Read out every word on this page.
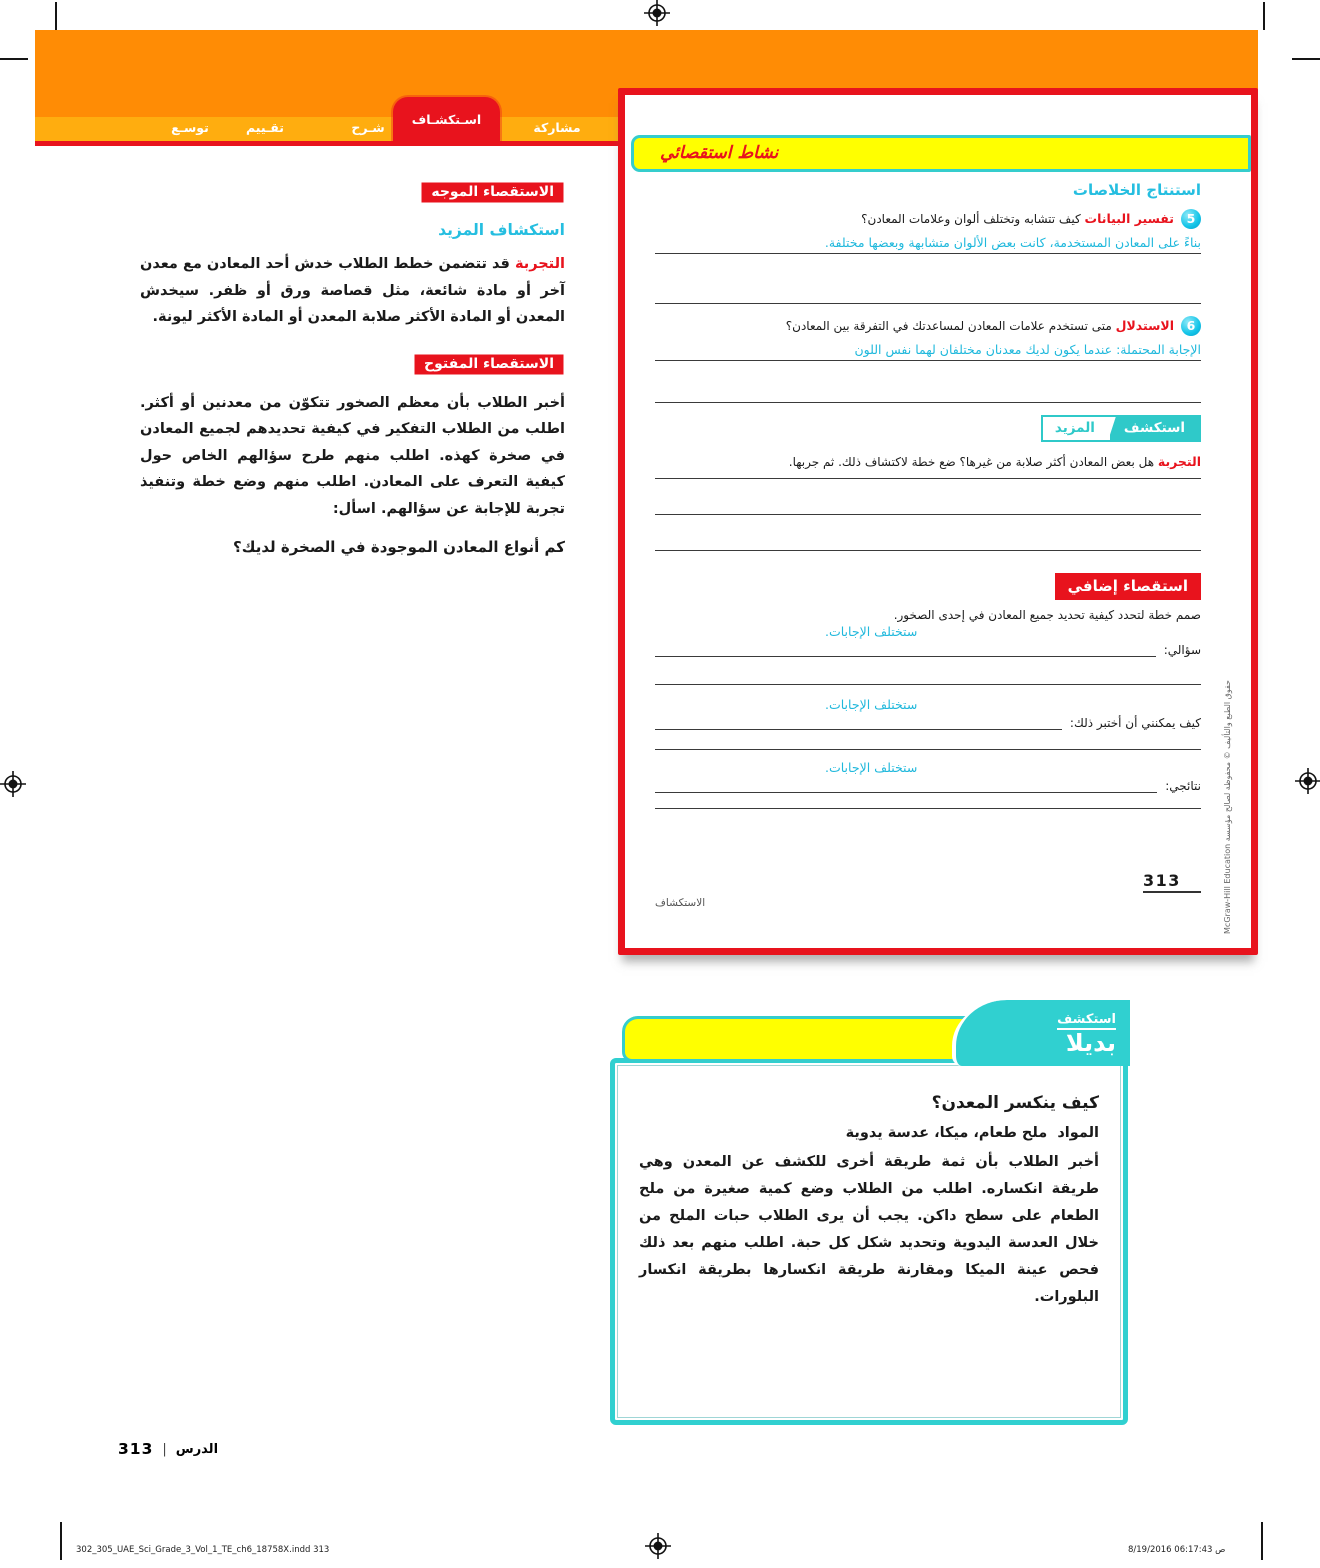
توسـع	تقـييم	شـرح
اسـتكشـاف
مشاركة
الاستقصاء الموجه
استكشاف المزيد

التجربة قد تتضمن خطط الطلاب خدش أحد المعادن مع معدن آخر أو مادة شائعة، مثل قصاصة ورق أو ظفر. سيخدش المعدن أو المادة الأكثر صلابة المعدن أو المادة الأكثر ليونة.

الاستقصاء المفتوح

أخبر الطلاب بأن معظم الصخور تتكوّن من معدنين أو أكثر. اطلب من الطلاب التفكير في كيفية تحديدهم لجميع المعادن في صخرة كهذه. اطلب منهم طرح سؤالهم الخاص حول كيفية التعرف على المعادن. اطلب منهم وضع خطة وتنفيذ تجربة للإجابة عن سؤالهم. اسأل:

كم أنواع المعادن الموجودة في الصخرة لديك؟

نشاط استقصائي
استنتاج الخلاصات
5
تفسير البيانات كيف تتشابه وتختلف ألوان وعلامات المعادن؟
بناءً على المعادن المستخدمة، كانت بعض الألوان متشابهة وبعضها مختلفة.
6
الاستدلال متى تستخدم علامات المعادن لمساعدتك في التفرقة بين المعادن؟
الإجابة المحتملة: عندما يكون لديك معدنان مختلفان لهما نفس اللون
استكشف
المزيد

التجربة هل بعض المعادن أكثر صلابة من غيرها؟ ضع خطة لاكتشاف ذلك. ثم جربها.

استقصاء إضافي

صمم خطة لتحدد كيفية تحديد جميع المعادن في إحدى الصخور.

ستختلف الإجابات.
سؤالي:
ستختلف الإجابات.
كيف يمكنني أن أختبر ذلك:
ستختلف الإجابات.
نتائجي:
313
الاستكشاف	حقوق الطبع والتأليف © محفوظة لصالح مؤسسة McGraw-Hill Education
استكشف
بديلا
كيف ينكسر المعدن؟
المواد  ملح طعام، ميكا، عدسة يدوية

أخبر الطلاب بأن ثمة طريقة أخرى للكشف عن المعدن وهي طريقة انكساره. اطلب من الطلاب وضع كمية صغيرة من ملح الطعام على سطح داكن. يجب أن يرى الطلاب حبات الملح من خلال العدسة اليدوية وتحديد شكل كل حبة. اطلب منهم بعد ذلك فحص عينة الميكا ومقارنة طريقة انكسارها بطريقة انكسار البلورات.

313 | الدرس
302_305_UAE_Sci_Grade_3_Vol_1_TE_ch6_18758X.indd 313	8/19/2016 06:17:43 ص
